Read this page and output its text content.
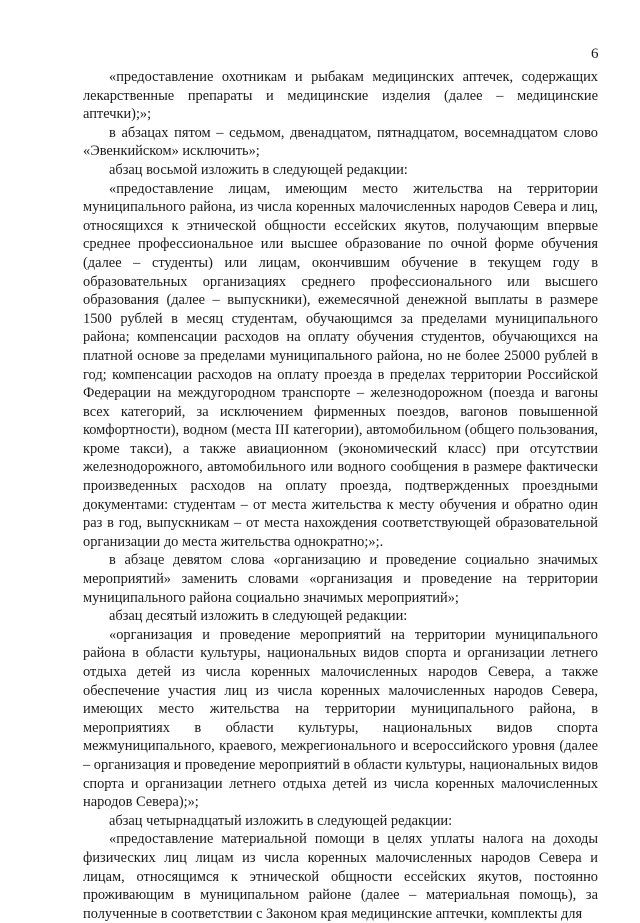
6

«предоставление охотникам и рыбакам медицинских аптечек, содержащих лекарственные препараты и медицинские изделия (далее – медицинские аптечки);»;

в абзацах пятом – седьмом, двенадцатом, пятнадцатом, восемнадцатом слово «Эвенкийском» исключить»;

абзац восьмой изложить в следующей редакции:

«предоставление лицам, имеющим место жительства на территории муниципального района, из числа коренных малочисленных народов Севера и лиц, относящихся к этнической общности ессейских якутов, получающим впервые среднее профессиональное или высшее образование по очной форме обучения (далее – студенты) или лицам, окончившим обучение в текущем году в образовательных организациях среднего профессионального или высшего образования (далее – выпускники), ежемесячной денежной выплаты в размере 1500 рублей в месяц студентам, обучающимся за пределами муниципального района; компенсации расходов на оплату обучения студентов, обучающихся на платной основе за пределами муниципального района, но не более 25000 рублей в год; компенсации расходов на оплату проезда в пределах территории Российской Федерации на междугородном транспорте – железнодорожном (поезда и вагоны всех категорий, за исключением фирменных поездов, вагонов повышенной комфортности), водном (места III категории), автомобильном (общего пользования, кроме такси), а также авиационном (экономический класс) при отсутствии железнодорожного, автомобильного или водного сообщения в размере фактически произведенных расходов на оплату проезда, подтвержденных проездными документами: студентам – от места жительства к месту обучения и обратно один раз в год, выпускникам – от места нахождения соответствующей образовательной организации до места жительства однократно;»;.

в абзаце девятом слова «организацию и проведение социально значимых мероприятий» заменить словами «организация и проведение на территории муниципального района социально значимых мероприятий»;

абзац десятый изложить в следующей редакции:

«организация и проведение мероприятий на территории муниципального района в области культуры, национальных видов спорта и организации летнего отдыха детей из числа коренных малочисленных народов Севера, а также обеспечение участия лиц из числа коренных малочисленных народов Севера, имеющих место жительства на территории муниципального района, в мероприятиях в области культуры, национальных видов спорта межмуниципального, краевого, межрегионального и всероссийского уровня (далее – организация и проведение мероприятий в области культуры, национальных видов спорта и организации летнего отдыха детей из числа коренных малочисленных народов Севера);»;

абзац четырнадцатый изложить в следующей редакции:

«предоставление материальной помощи в целях уплаты налога на доходы физических лиц лицам из числа коренных малочисленных народов Севера и лицам, относящимся к этнической общности ессейских якутов, постоянно проживающим в муниципальном районе (далее – материальная помощь), за полученные в соответствии с Законом края медицинские аптечки, комплекты для
